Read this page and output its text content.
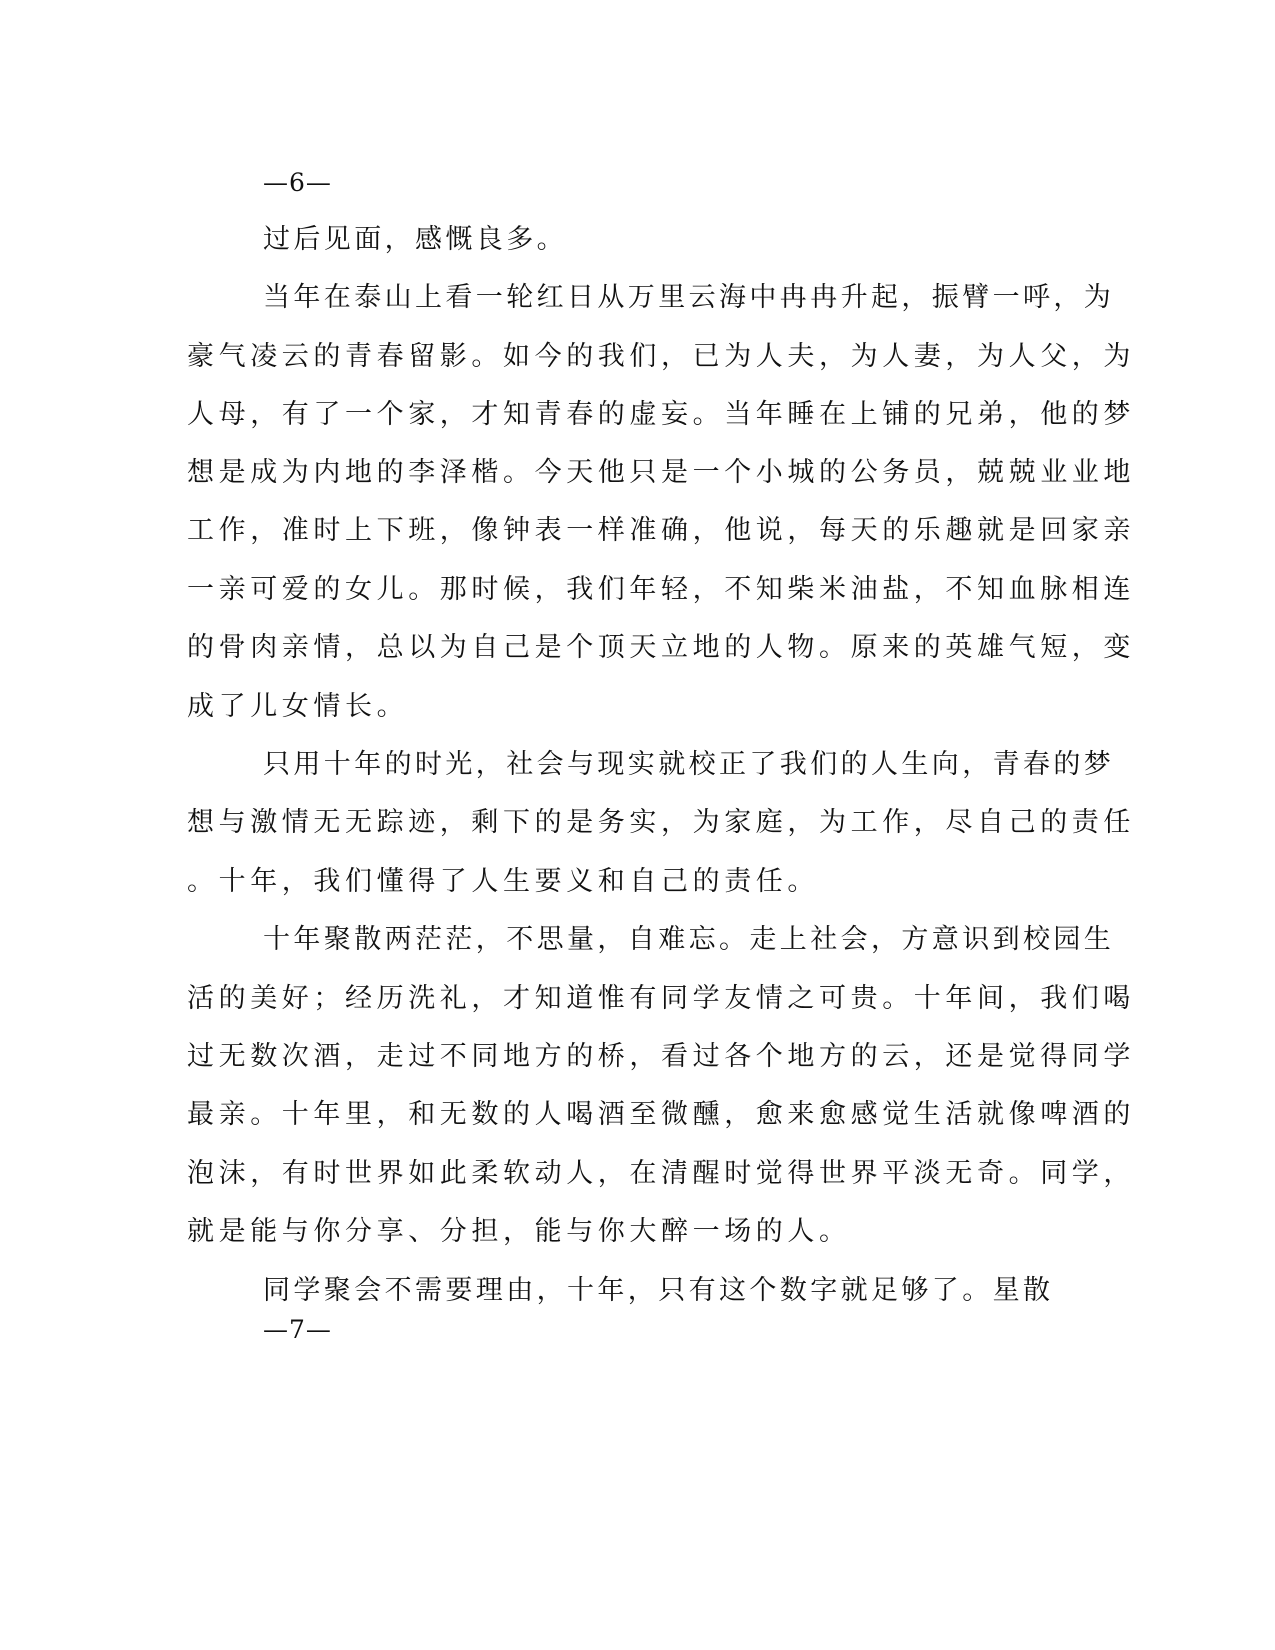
—6—
过后见面，感慨良多。
当年在泰山上看一轮红日从万里云海中冉冉升起，振臂一呼，为
豪气凌云的青春留影。如今的我们，已为人夫，为人妻，为人父，为
人母，有了一个家，才知青春的虚妄。当年睡在上铺的兄弟，他的梦
想是成为内地的李泽楷。今天他只是一个小城的公务员，兢兢业业地
工作，准时上下班，像钟表一样准确，他说，每天的乐趣就是回家亲
一亲可爱的女儿。那时候，我们年轻，不知柴米油盐，不知血脉相连
的骨肉亲情，总以为自己是个顶天立地的人物。原来的英雄气短，变
成了儿女情长。
只用十年的时光，社会与现实就校正了我们的人生向，青春的梦
想与激情无无踪迹，剩下的是务实，为家庭，为工作，尽自己的责任
。十年，我们懂得了人生要义和自己的责任。
十年聚散两茫茫，不思量，自难忘。走上社会，方意识到校园生
活的美好；经历洗礼，才知道惟有同学友情之可贵。十年间，我们喝
过无数次酒，走过不同地方的桥，看过各个地方的云，还是觉得同学
最亲。十年里，和无数的人喝酒至微醺，愈来愈感觉生活就像啤酒的
泡沫，有时世界如此柔软动人，在清醒时觉得世界平淡无奇。同学，
就是能与你分享、分担，能与你大醉一场的人。
同学聚会不需要理由，十年，只有这个数字就足够了。星散
—7—
